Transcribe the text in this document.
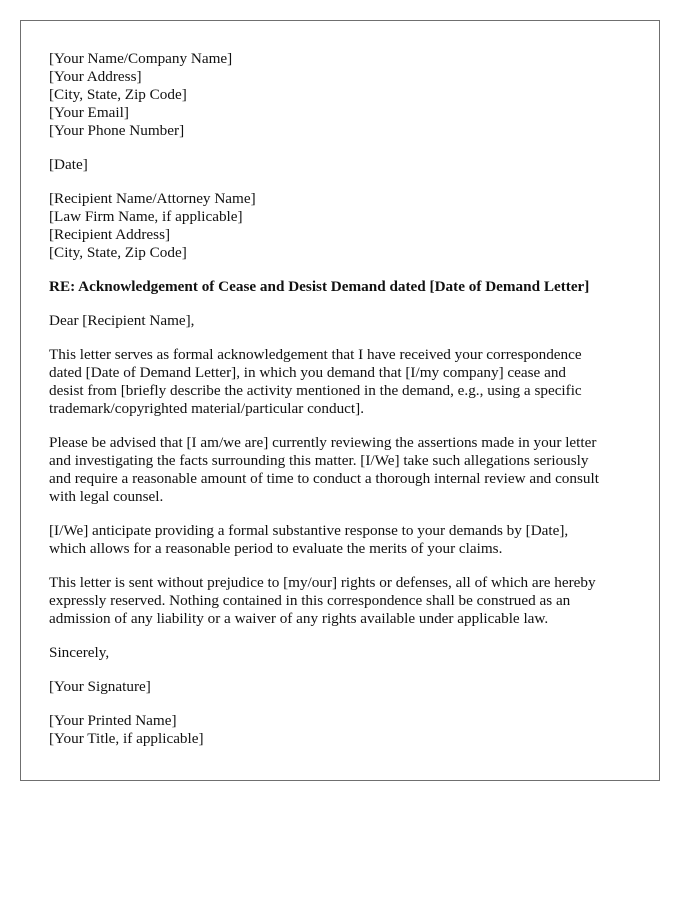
[Your Name/Company Name]
[Your Address]
[City, State, Zip Code]
[Your Email]
[Your Phone Number]
[Date]
[Recipient Name/Attorney Name]
[Law Firm Name, if applicable]
[Recipient Address]
[City, State, Zip Code]
RE: Acknowledgement of Cease and Desist Demand dated [Date of Demand Letter]
Dear [Recipient Name],
This letter serves as formal acknowledgement that I have received your correspondence
dated [Date of Demand Letter], in which you demand that [I/my company] cease and
desist from [briefly describe the activity mentioned in the demand, e.g., using a specific
trademark/copyrighted material/particular conduct].
Please be advised that [I am/we are] currently reviewing the assertions made in your letter
and investigating the facts surrounding this matter. [I/We] take such allegations seriously
and require a reasonable amount of time to conduct a thorough internal review and consult
with legal counsel.
[I/We] anticipate providing a formal substantive response to your demands by [Date],
which allows for a reasonable period to evaluate the merits of your claims.
This letter is sent without prejudice to [my/our] rights or defenses, all of which are hereby
expressly reserved. Nothing contained in this correspondence shall be construed as an
admission of any liability or a waiver of any rights available under applicable law.
Sincerely,
[Your Signature]
[Your Printed Name]
[Your Title, if applicable]
